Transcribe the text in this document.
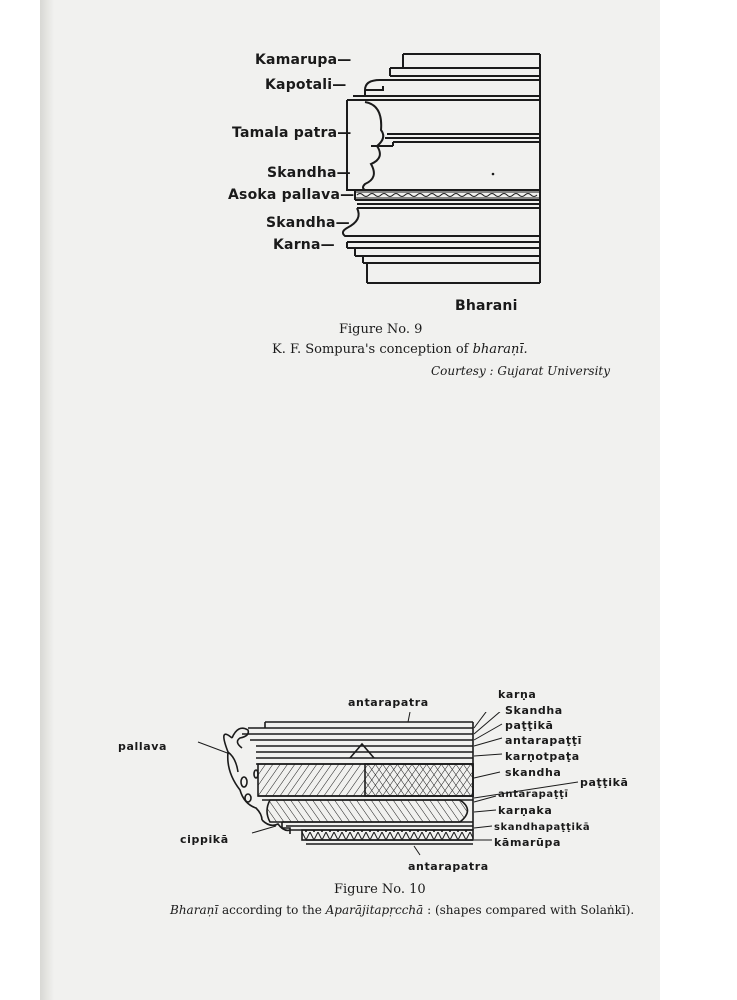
Kamarupa—
Kapotali—
Tamala patra—
Skandha—
Asoka pallava—
Skandha—
Karna—
Bharani
Figure No. 9
K. F. Sompura's conception of bharaṇī.
Courtesy : Gujarat University
antarapatra
pallava
cippikā
karṇa
Skandha
paṭṭikā
antarapaṭṭī
karṇotpaṭa
skandha
paṭṭikā
antarapaṭṭī
karṇaka
skandhapaṭṭikā
kāmarūpa
antarapatra
Figure No. 10
Bharaṇī according to the Aparājitapṛcchā : (shapes compared with Solaṅkī).
